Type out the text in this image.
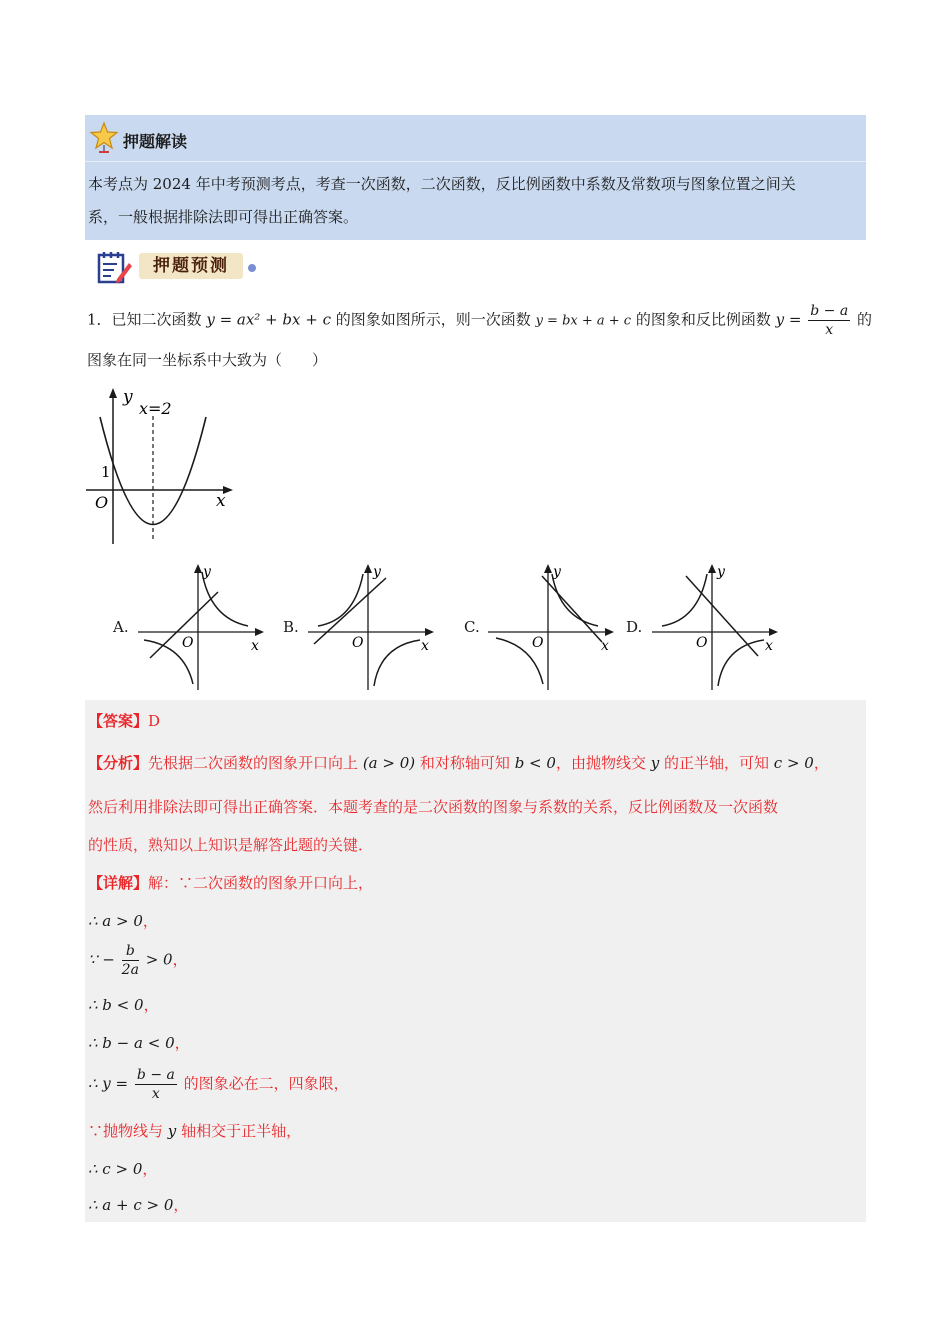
押题解读
本考点为 2024 年中考预测考点，考查一次函数，二次函数，反比例函数中系数及常数项与图象位置之间关
系，一般根据排除法即可得出正确答案。
押题预测
1．已知二次函数 y = ax² + bx + c 的图象如图所示，则一次函数 y = bx + a + c 的图象和反比例函数 $y = \frac{b - a}{x}$ 的
图象在同一坐标系中大致为（　　）
y
x=2
1
O	x
A.
y
O	x
B.
y
O	x
C.
y
O	x
D.
y
O	x
【答案】D
【分析】先根据二次函数的图象开口向上 (a > 0) 和对称轴可知 b < 0，由抛物线交 y 的正半轴，可知 c > 0，
然后利用排除法即可得出正确答案．本题考查的是二次函数的图象与系数的关系，反比例函数及一次函数
的性质，熟知以上知识是解答此题的关键．
【详解】解：∵二次函数的图象开口向上，
∴ a > 0，
∵ − $\frac{b}{2a} > 0$，
∴ b < 0，
∴ b − a < 0，
∴ $y = \frac{b - a}{x}$ 的图象必在二，四象限，
∵抛物线与 y 轴相交于正半轴，
∴ c > 0，
∴ a + c > 0，
